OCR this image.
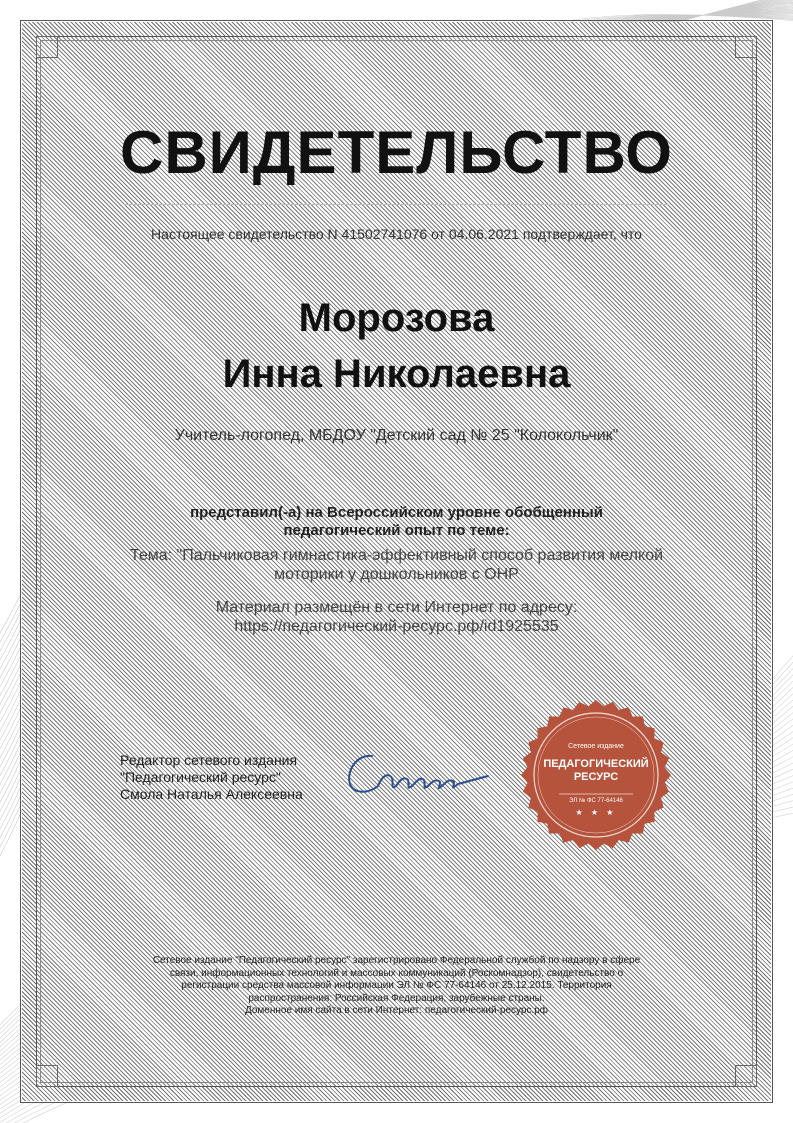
СВИДЕТЕЛЬСТВО
Настоящее свидетельство N 41502741076 от 04.06.2021 подтверждает, что
Морозова
Инна Николаевна
Учитель-логопед, МБДОУ "Детский сад № 25 "Колокольчик"
представил(-а) на Всероссийском уровне обобщенный
педагогический опыт по теме:
Тема: "Пальчиковая гимнастика-эффективный способ развития мелкой
моторики у дошкольников с ОНР
Материал размещён в сети Интернет по адресу:
https://педагогический-ресурс.рф/id1925535
Редактор сетевого издания
"Педагогический ресурс"
Смола Наталья Алексеевна
Сетевое издание
ПЕДАГОГИЧЕСКИЙ
РЕСУРС
ЭЛ № ФС 77-64146
★ ★ ★
Сетевое издание "Педагогический ресурс" зарегистрировано Федеральной службой по надзору в сфере
связи, информационных технологий и массовых коммуникаций (Роскомнадзор), свидетельство о
регистрации средства массовой информации ЭЛ № ФС 77-64146 от 25.12.2015. Территория
распространения: Российская Федерация, зарубежные страны.
Доменное имя сайта в сети Интернет: педагогический-ресурс.рф
